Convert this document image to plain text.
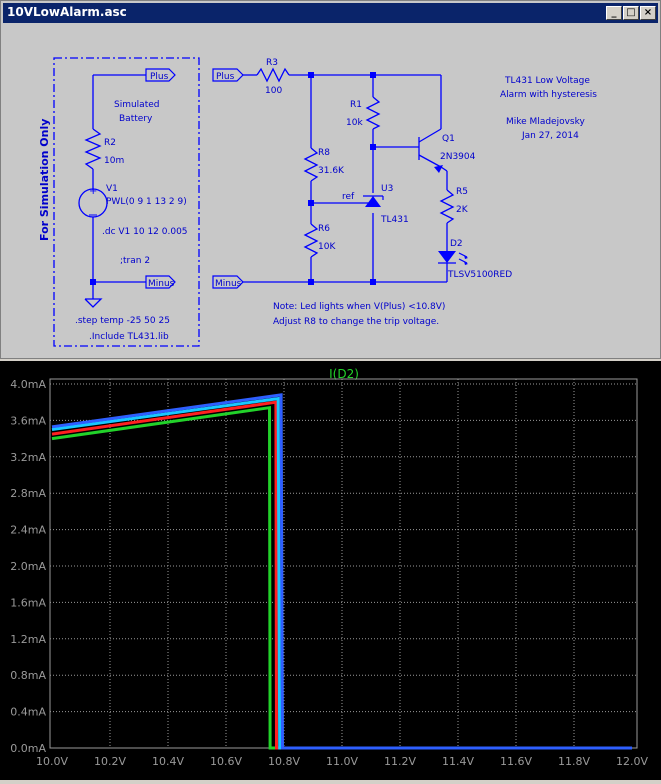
10VLowAlarm.asc	_ □ ×
+
For Simulation Only
Simulated
Battery
Plus
Minus
Plus
Minus
R2
10m
V1
PWL(0 9 1 13 2 9)
.dc V1 10 12 0.005
;tran 2
.step temp -25 50 25
.Include TL431.lib
R3
100
R1
10k
R8
31.6K
R6
10K
ref
U3
TL431
Q1
2N3904
R5
2K
D2
TLSV5100RED
TL431 Low Voltage
Alarm with hysteresis
Mike Mladejovsky
Jan 27, 2014
Note: Led lights when V(Plus) <10.8V)
Adjust R8 to change the trip voltage.
I(D2)
0.0mA
0.4mA
0.8mA
1.2mA
1.6mA
2.0mA
2.4mA
2.8mA
3.2mA
3.6mA
4.0mA
10.0V 10.2V 10.4V 10.6V 10.8V 11.0V 11.2V 11.4V 11.6V 11.8V 12.0V
